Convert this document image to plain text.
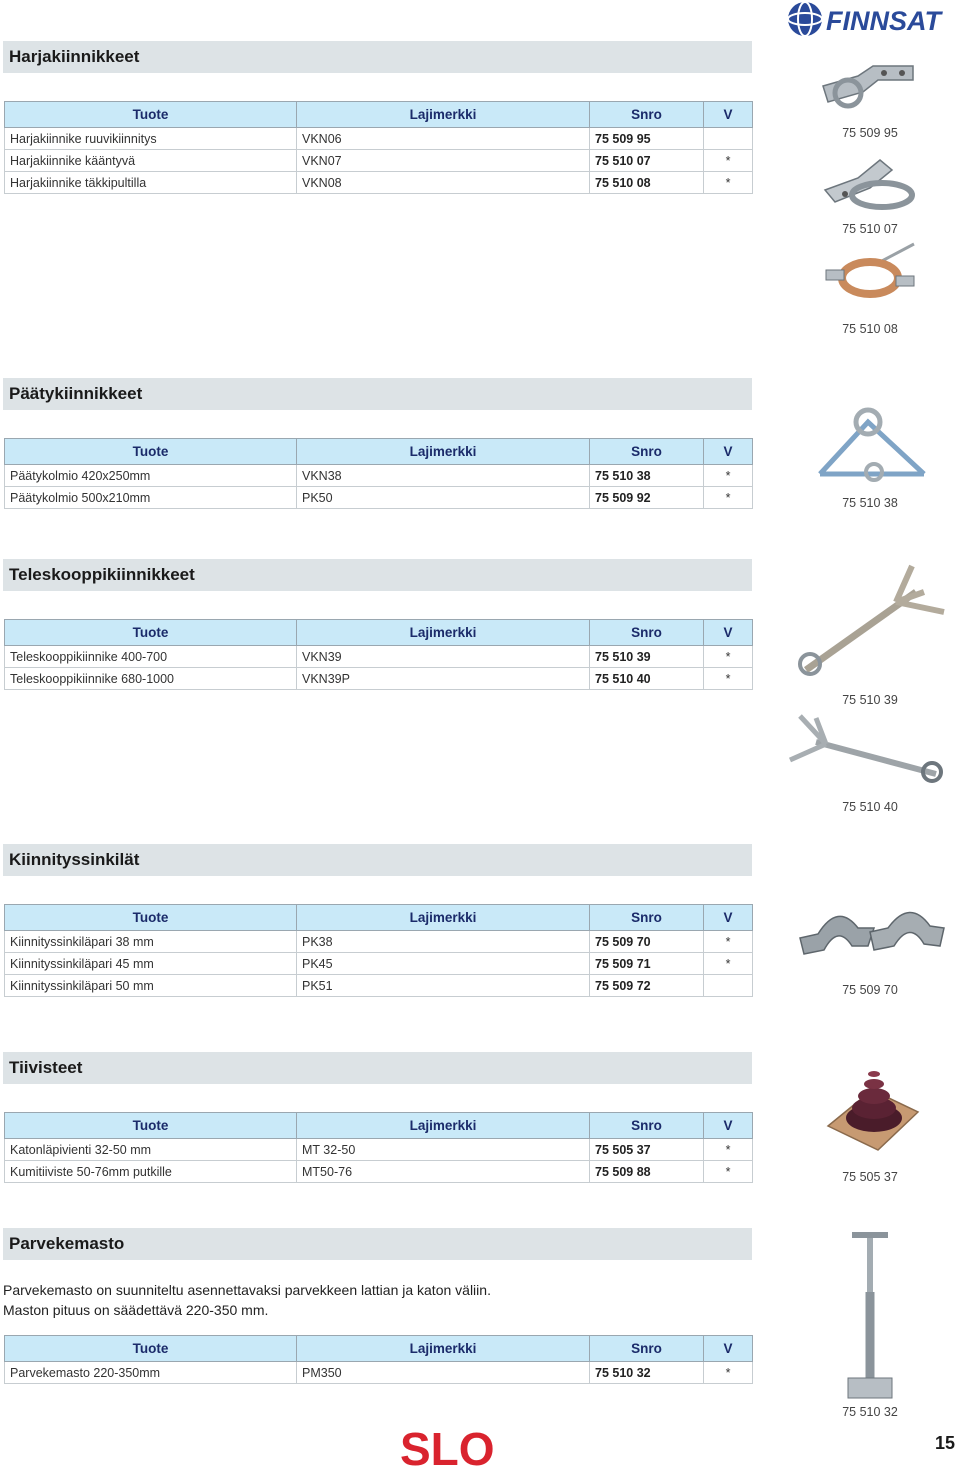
FINNSAT
Harjakiinnikkeet
Tuote	Lajimerkki	Snro	V
Harjakiinnike ruuvikiinnitys	VKN06	75 509 95	
Harjakiinnike kääntyvä	VKN07	75 510 07	*
Harjakiinnike täkkipultilla	VKN08	75 510 08	*
Päätykiinnikkeet
Tuote	Lajimerkki	Snro	V
Päätykolmio 420x250mm	VKN38	75 510 38	*
Päätykolmio 500x210mm	PK50	75 509 92	*
Teleskooppikiinnikkeet
Tuote	Lajimerkki	Snro	V
Teleskooppikiinnike 400-700	VKN39	75 510 39	*
Teleskooppikiinnike 680-1000	VKN39P	75 510 40	*
Kiinnityssinkilät
Tuote	Lajimerkki	Snro	V
Kiinnityssinkiläpari 38 mm	PK38	75 509 70	*
Kiinnityssinkiläpari 45 mm	PK45	75 509 71	*
Kiinnityssinkiläpari 50 mm	PK51	75 509 72	
Tiivisteet
Tuote	Lajimerkki	Snro	V
Katonläpivienti 32-50 mm	MT 32-50	75 505 37	*
Kumitiiviste 50-76mm putkille	MT50-76	75 509 88	*
Parvekemasto
Parvekemasto on suunniteltu asennettavaksi parvekkeen lattian ja katon väliin.
Maston pituus on säädettävä 220-350 mm.
Tuote	Lajimerkki	Snro	V
Parvekemasto 220-350mm	PM350	75 510 32	*
75 509 95
75 510 07
75 510 08
75 510 38
75 510 39
75 510 40
75 509 70
75 505 37
75 510 32
SLO	15
